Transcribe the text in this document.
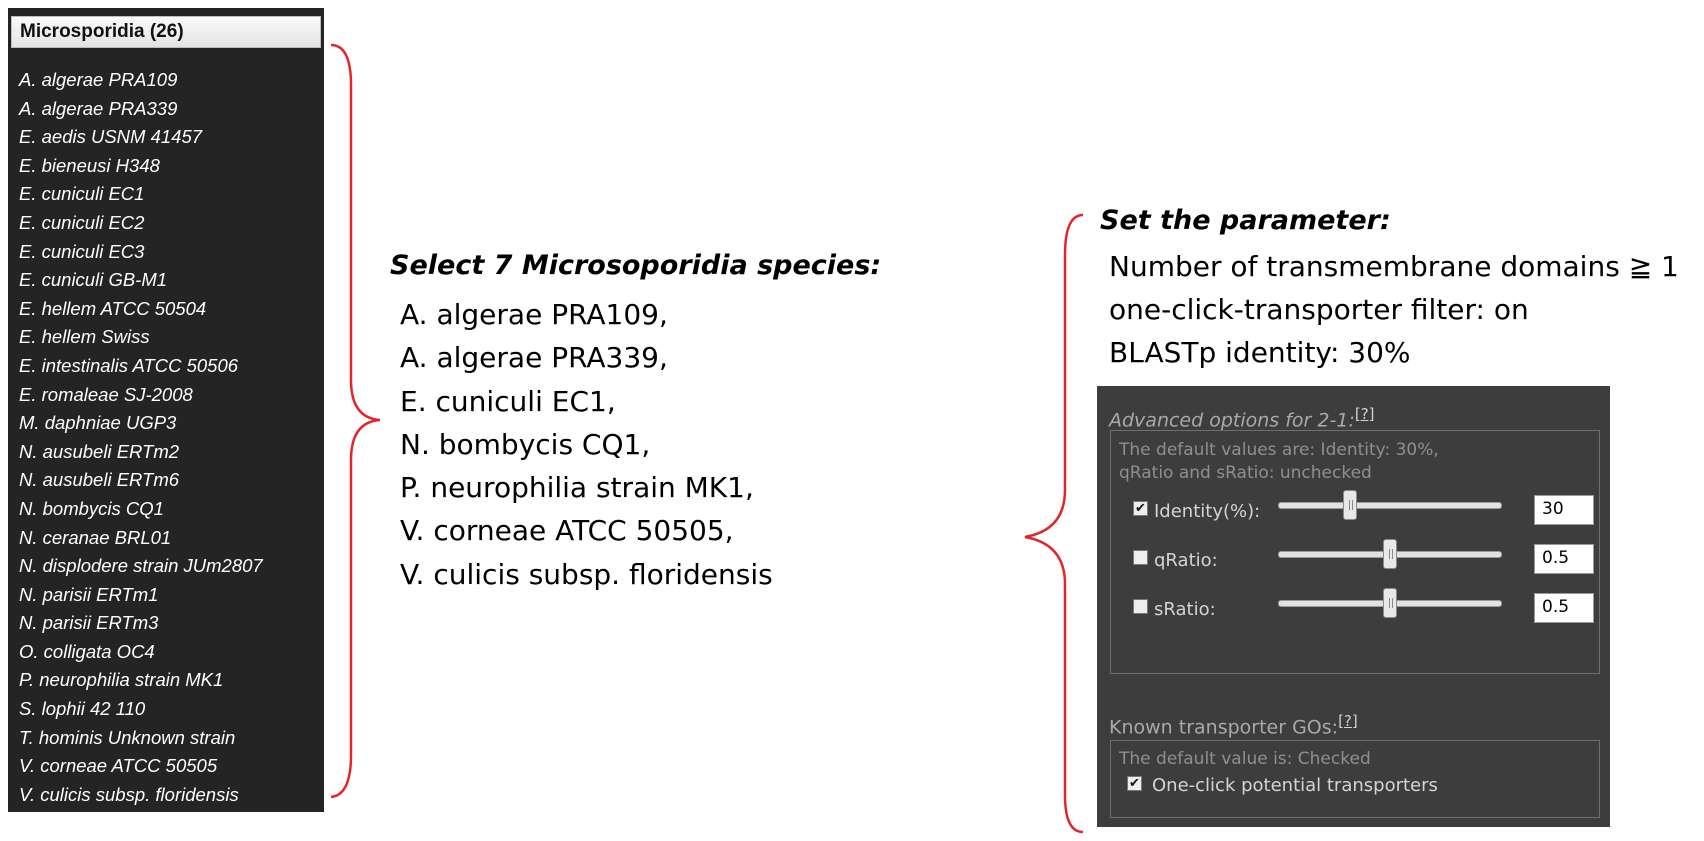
Microsporidia (26)
A. algerae PRA109
A. algerae PRA339
E. aedis USNM 41457
E. bieneusi H348
E. cuniculi EC1
E. cuniculi EC2
E. cuniculi EC3
E. cuniculi GB-M1
E. hellem ATCC 50504
E. hellem Swiss
E. intestinalis ATCC 50506
E. romaleae SJ-2008
M. daphniae UGP3
N. ausubeli ERTm2
N. ausubeli ERTm6
N. bombycis CQ1
N. ceranae BRL01
N. displodere strain JUm2807
N. parisii ERTm1
N. parisii ERTm3
O. colligata OC4
P. neurophilia strain MK1
S. lophii 42 110
T. hominis Unknown strain
V. corneae ATCC 50505
V. culicis subsp. floridensis
Select 7 Microsoporidia species:
A. algerae PRA109,
A. algerae PRA339,
E. cuniculi EC1,
N. bombycis CQ1,
P. neurophilia strain MK1,
V. corneae ATCC 50505,
V. culicis subsp. floridensis
Set the parameter:
Number of transmembrane domains ≧ 1
one-click-transporter filter: on
BLASTp identity: 30%
Advanced options for 2-1:[?]
The default values are: Identity: 30%,
qRatio and sRatio: unchecked
✔ Identity(%):	30
qRatio:	0.5
sRatio:	0.5
Known transporter GOs:[?]
The default value is: Checked
✔ One-click potential transporters
